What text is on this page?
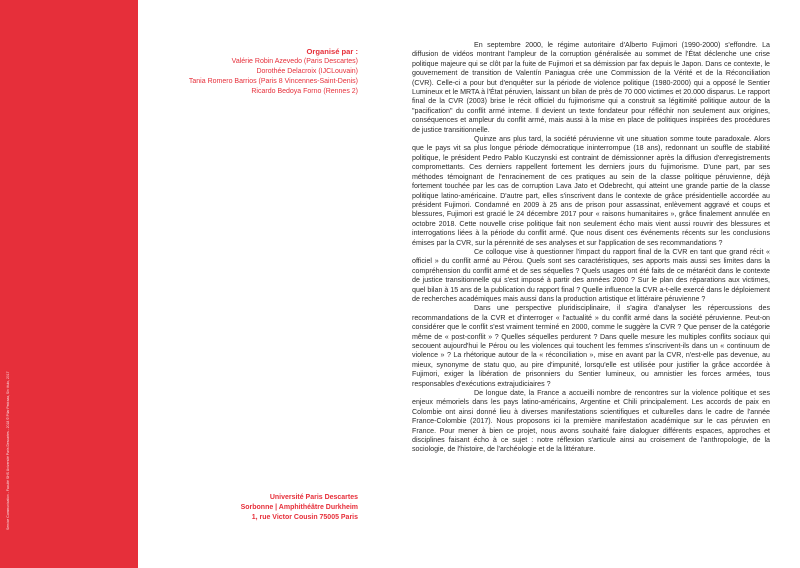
Service Communication - Faculté SHS Université Paris Descartes - 2018 © Pilar Pedraza, Sin título, 2017
Organisé par :
Valérie Robin Azevedo (Paris Descartes)
Dorothée Delacroix (IJCLouvain)
Tania Romero Barrios (Paris 8 Vincennes-Saint-Denis)
Ricardo Bedoya Forno (Rennes 2)
Université Paris Descartes
Sorbonne | Amphithéâtre Durkheim
1, rue Victor Cousin 75005 Paris

En septembre 2000, le régime autoritaire d'Alberto Fujimori (1990-2000) s'effondre. La diffusion de vidéos montrant l'ampleur de la corruption généralisée au sommet de l'État déclenche une crise politique majeure qui se clôt par la fuite de Fujimori et sa démission par fax depuis le Japon. Dans ce contexte, le gouvernement de transition de Valentín Paniagua crée une Commission de la Vérité et de la Réconciliation (CVR). Celle-ci a pour but d'enquêter sur la période de violence politique (1980-2000) qui a opposé le Sentier Lumineux et le MRTA à l'État péruvien, laissant un bilan de près de 70 000 victimes et 20.000 disparus. Le rapport final de la CVR (2003) brise le récit officiel du fujimorisme qui a construit sa légitimité politique autour de la "pacification" du conflit armé interne. Il devient un texte fondateur pour réfléchir non seulement aux origines, conséquences et ampleur du conflit armé, mais aussi à la mise en place de politiques inspirées des procédures de justice transitionnelle.

Quinze ans plus tard, la société péruvienne vit une situation somme toute paradoxale. Alors que le pays vit sa plus longue période démocratique ininterrompue (18 ans), redonnant un souffle de stabilité politique, le président Pedro Pablo Kuczynski est contraint de démissionner après la diffusion d'enregistrements compromettants. Ces derniers rappellent fortement les derniers jours du fujimorisme. D'une part, par ses méthodes témoignant de l'enracinement de ces pratiques au sein de la classe politique péruvienne, déjà fortement touchée par les cas de corruption Lava Jato et Odebrecht, qui atteint une grande partie de la classe politique latino-américaine. D'autre part, elles s'inscrivent dans le contexte de grâce présidentielle accordée au président Fujimori. Condamné en 2009 à 25 ans de prison pour assassinat, enlèvement aggravé et coups et blessures, Fujimori est gracié le 24 décembre 2017 pour « raisons humanitaires », grâce finalement annulée en octobre 2018. Cette nouvelle crise politique fait non seulement écho mais vient aussi rouvrir des blessures et interrogations liées à la période du conflit armé. Que nous disent ces événements récents sur les conclusions émises par la CVR, sur la pérennité de ses analyses et sur l'application de ses recommandations ?

Ce colloque vise à questionner l'impact du rapport final de la CVR en tant que grand récit « officiel » du conflit armé au Pérou. Quels sont ses caractéristiques, ses apports mais aussi ses limites dans la compréhension du conflit armé et de ses séquelles ? Quels usages ont été faits de ce métarécit dans le contexte de justice transitionnelle qui s'est imposé à partir des années 2000 ? Sur le plan des réparations aux victimes, quel bilan à 15 ans de la publication du rapport final ? Quelle influence la CVR a-t-elle exercé dans le déploiement de recherches académiques mais aussi dans la production artistique et littéraire péruvienne ?

Dans une perspective pluridisciplinaire, il s'agira d'analyser les répercussions des recommandations de la CVR et d'interroger « l'actualité » du conflit armé dans la société péruvienne. Peut-on considérer que le conflit s'est vraiment terminé en 2000, comme le suggère la CVR ? Que penser de la catégorie même de « post-conflit » ? Quelles séquelles perdurent ? Dans quelle mesure les multiples conflits sociaux qui secouent aujourd'hui le Pérou ou les violences qui touchent les femmes s'inscrivent-ils dans un « continuum de violence » ? La rhétorique autour de la « réconciliation », mise en avant par la CVR, n'est-elle pas devenue, au mieux, synonyme de statu quo, au pire d'impunité, lorsqu'elle est utilisée pour justifier la grâce accordée à Fujimori, exiger la libération de prisonniers du Sentier lumineux, ou amnistier les forces armées, tous responsables d'exécutions extrajudiciaires ?

De longue date, la France a accueilli nombre de rencontres sur la violence politique et ses enjeux mémoriels dans les pays latino-américains, Argentine et Chili principalement. Les accords de paix en Colombie ont ainsi donné lieu à diverses manifestations scientifiques et culturelles dans le cadre de l'année France-Colombie (2017). Nous proposons ici la première manifestation académique sur le cas péruvien en France. Pour mener à bien ce projet, nous avons souhaité faire dialoguer différents espaces, approches et disciplines faisant écho à ce sujet : notre réflexion s'articule ainsi au croisement de l'anthropologie, de la sociologie, de l'histoire, de l'archéologie et de la littérature.
